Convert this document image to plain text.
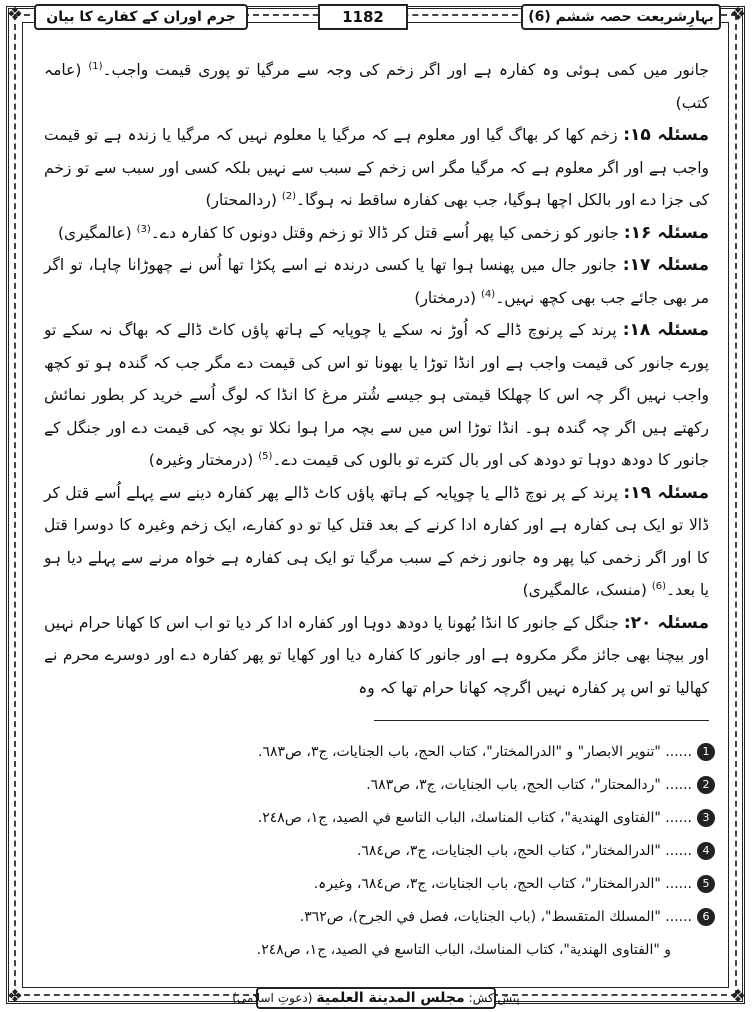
❖	❖
❖	❖
بہارِشریعت حصہ ششم (6)
1182
جرم اوران کے کفارے کا بیان

جانور میں کمی ہوئی وہ کفارہ ہے اور اگر زخم کی وجہ سے مرگیا تو پوری قیمت واجب۔$^{(1)}$ (عامہ کتب)

مسئلہ ۱۵: زخم کھا کر بھاگ گیا اور معلوم ہے کہ مرگیا یا معلوم نہیں کہ مرگیا یا زندہ ہے تو قیمت واجب ہے اور اگر معلوم ہے کہ مرگیا مگر اس زخم کے سبب سے نہیں بلکہ کسی اور سبب سے تو زخم کی جزا دے اور بالکل اچھا ہوگیا، جب بھی کفارہ ساقط نہ ہوگا۔$^{(2)}$ (ردالمحتار)

مسئلہ ۱۶: جانور کو زخمی کیا پھر اُسے قتل کر ڈالا تو زخم وقتل دونوں کا کفارہ دے۔$^{(3)}$ (عالمگیری)

مسئلہ ۱۷: جانور جال میں پھنسا ہوا تھا یا کسی درندہ نے اسے پکڑا تھا اُس نے چھوڑانا چاہا، تو اگر مر بھی جائے جب بھی کچھ نہیں۔$^{(4)}$ (درمختار)

مسئلہ ۱۸: پرند کے پرنوچ ڈالے کہ اُوڑ نہ سکے یا چوپایہ کے ہاتھ پاؤں کاٹ ڈالے کہ بھاگ نہ سکے تو پورے جانور کی قیمت واجب ہے اور انڈا توڑا یا بھونا تو اس کی قیمت دے مگر جب کہ گندہ ہو تو کچھ واجب نہیں اگر چہ اس کا چھلکا قیمتی ہو جیسے شُتر مرغ کا انڈا کہ لوگ اُسے خرید کر بطور نمائش رکھتے ہیں اگر چہ گندہ ہو۔ انڈا توڑا اس میں سے بچہ مرا ہوا نکلا تو بچہ کی قیمت دے اور جنگل کے جانور کا دودھ دوہا تو دودھ کی اور بال کترے تو بالوں کی قیمت دے۔$^{(5)}$ (درمختار وغیرہ)

مسئلہ ۱۹: پرند کے پر نوچ ڈالے یا چوپایہ کے ہاتھ پاؤں کاٹ ڈالے پھر کفارہ دینے سے پہلے اُسے قتل کر ڈالا تو ایک ہی کفارہ ہے اور کفارہ ادا کرنے کے بعد قتل کیا تو دو کفارے، ایک زخم وغیرہ کا دوسرا قتل کا اور اگر زخمی کیا پھر وہ جانور زخم کے سبب مرگیا تو ایک ہی کفارہ ہے خواہ مرنے سے پہلے دیا ہو یا بعد۔$^{(6)}$ (منسک، عالمگیری)

مسئلہ ۲۰: جنگل کے جانور کا انڈا بُھونا یا دودھ دوہا اور کفارہ ادا کر دیا تو اب اس کا کھانا حرام نہیں اور بیچنا بھی جائز مگر مکروہ ہے اور جانور کا کفارہ دیا اور کھایا تو پھر کفارہ دے اور دوسرے محرم نے کھالیا تو اس پر کفارہ نہیں اگرچہ کھانا حرام تھا کہ وہ

1
...... "تنویر الابصار" و "الدرالمختار"، کتاب الحج، باب الجنایات، ج٣، ص٦٨٣.
2
...... "ردالمحتار"، کتاب الحج، باب الجنایات، ج٣، ص٦٨٣.
3
...... "الفتاوی الھندیة"، کتاب المناسك، الباب التاسع في الصید، ج١، ص٢٤٨.
4
...... "الدرالمختار"، کتاب الحج، باب الجنایات، ج٣، ص٦٨٤.
5
...... "الدرالمختار"، کتاب الحج، باب الجنایات، ج٣، ص٦٨٤، وغیرہ.
6
...... "المسلك المتقسط"، (باب الجنایات، فصل في الجرح)، ص٣٦٢.
و "الفتاوی الھندیة"، کتاب المناسك، الباب التاسع في الصید، ج١، ص٢٤٨.
پیش کش:
مجلس المدینة العلمیة
(دعوتِ اسلامی)
